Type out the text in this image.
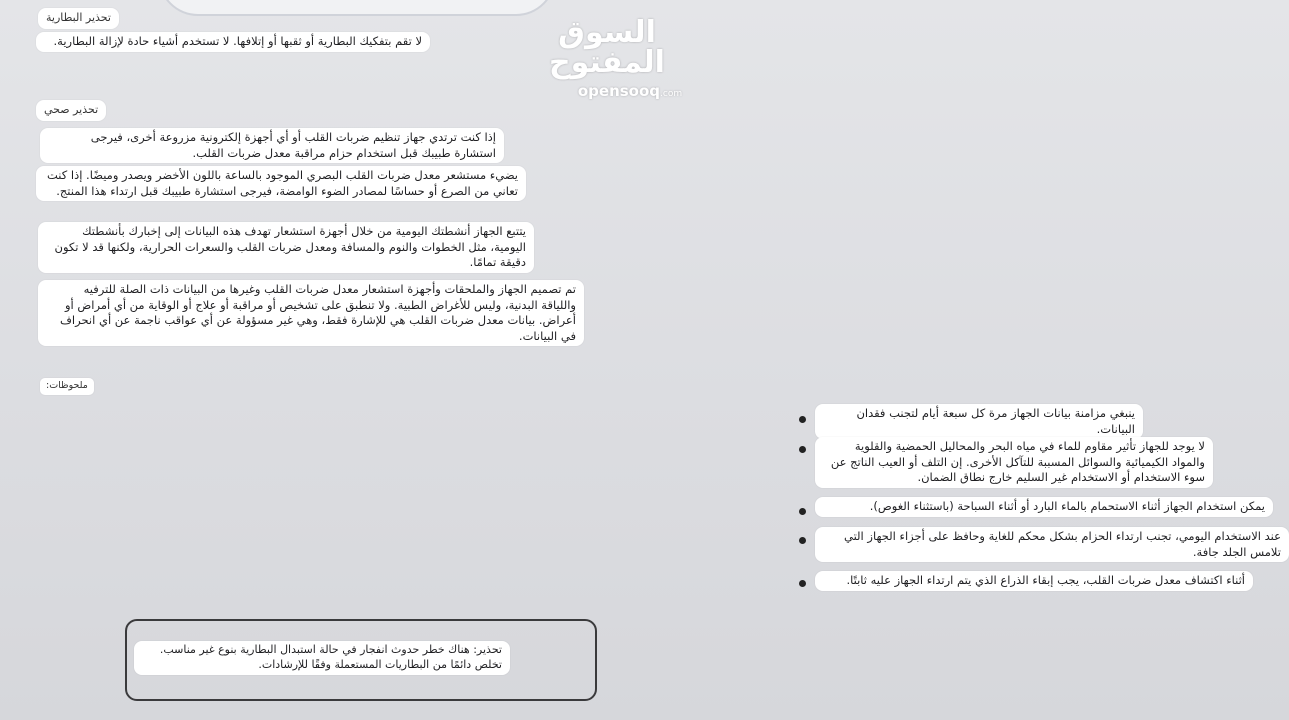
السوق المفتوح
opensooq.com
تحذير البطارية
لا تقم بتفكيك البطارية أو ثقبها أو إتلافها. لا تستخدم أشياء حادة لإزالة البطارية.
تحذير صحي
إذا كنت ترتدي جهاز تنظيم ضربات القلب أو أي أجهزة إلكترونية مزروعة أخرى، فيرجى استشارة طبيبك قبل استخدام حزام مراقبة معدل ضربات القلب.
يضيء مستشعر معدل ضربات القلب البصري الموجود بالساعة باللون الأخضر ويصدر وميضًا. إذا كنت تعاني من الصرع أو حساسًا لمصادر الضوء الوامضة، فيرجى استشارة طبيبك قبل ارتداء هذا المنتج.
يتتبع الجهاز أنشطتك اليومية من خلال أجهزة استشعار تهدف هذه البيانات إلى إخبارك بأنشطتك اليومية، مثل الخطوات والنوم والمسافة ومعدل ضربات القلب والسعرات الحرارية، ولكنها قد لا تكون دقيقة تمامًا.
تم تصميم الجهاز والملحقات وأجهزة استشعار معدل ضربات القلب وغيرها من البيانات ذات الصلة للترفيه واللياقة البدنية، وليس للأغراض الطبية. ولا تنطبق على تشخيص أو مراقبة أو علاج أو الوقاية من أي أمراض أو أعراض. بيانات معدل ضربات القلب هي للإشارة فقط، وهي غير مسؤولة عن أي عواقب ناجمة عن أي انحراف في البيانات.
ملحوظات:
ينبغي مزامنة بيانات الجهاز مرة كل سبعة أيام لتجنب فقدان البيانات.
لا يوجد للجهاز تأثير مقاوم للماء في مياه البحر والمحاليل الحمضية والقلوية والمواد الكيميائية والسوائل المسببة للتآكل الأخرى. إن التلف أو العيب الناتج عن سوء الاستخدام أو الاستخدام غير السليم خارج نطاق الضمان.
يمكن استخدام الجهاز أثناء الاستحمام بالماء البارد أو أثناء السباحة (باستثناء الغوص).
عند الاستخدام اليومي، تجنب ارتداء الحزام بشكل محكم للغاية وحافظ على أجزاء الجهاز التي تلامس الجلد جافة.
أثناء اكتشاف معدل ضربات القلب، يجب إبقاء الذراع الذي يتم ارتداء الجهاز عليه ثابتًا.
تحذير: هناك خطر حدوث انفجار في حالة استبدال البطارية بنوع غير مناسب. تخلص دائمًا من البطاريات المستعملة وفقًا للإرشادات.
